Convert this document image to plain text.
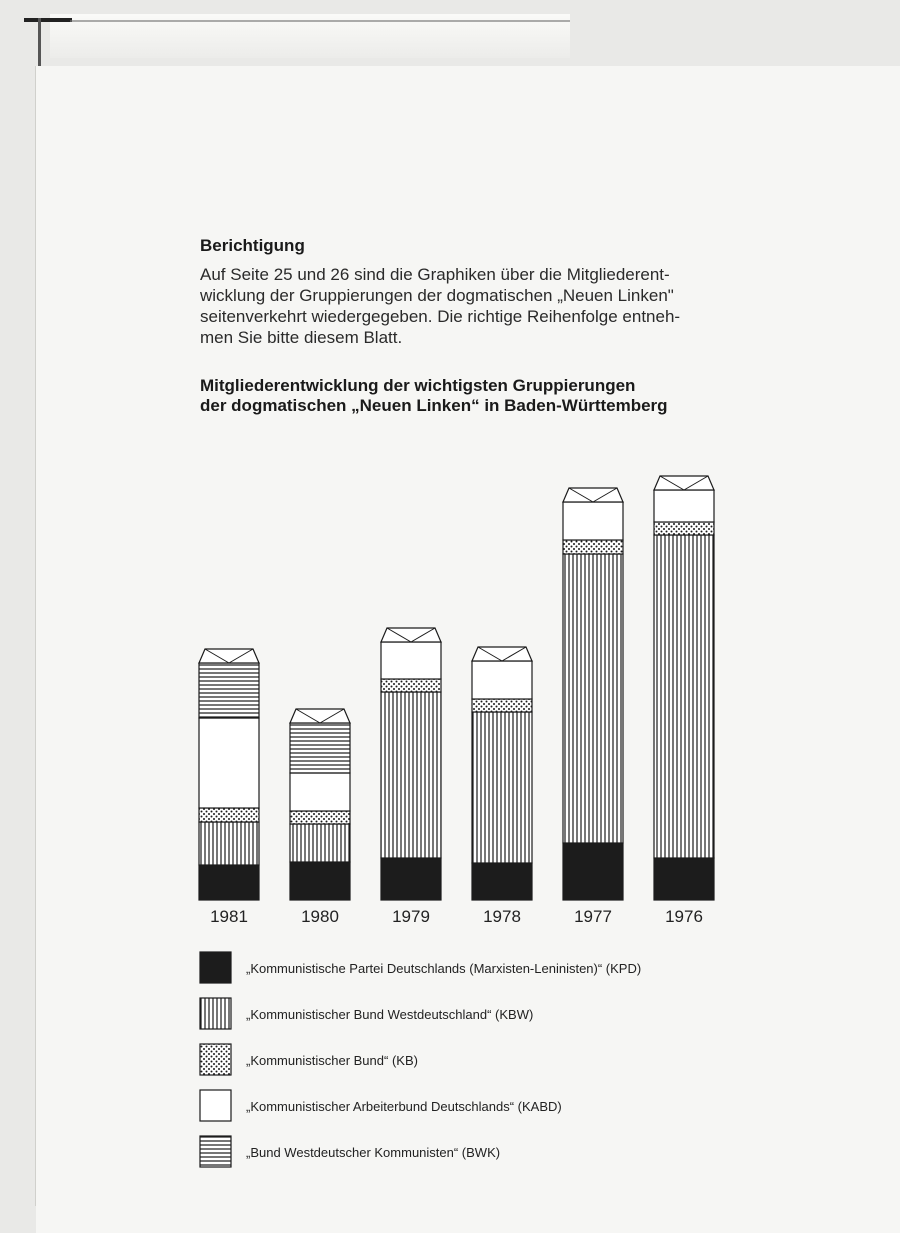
Berichtigung

Auf Seite 25 und 26 sind die Graphiken über die Mitgliederent-
wicklung der Gruppierungen der dogmatischen „Neuen Linken"
seitenverkehrt wiedergegeben. Die richtige Reihenfolge entneh-
men Sie bitte diesem Blatt.

Mitgliederentwicklung der wichtigsten Gruppierungen
der dogmatischen „Neuen Linken“ in Baden-Württemberg
1981	1980	1979	1978	1977	1976
„Kommunistische Partei Deutschlands (Marxisten-Leninisten)“ (KPD)
„Kommunistischer Bund Westdeutschland“ (KBW)
„Kommunistischer Bund“ (KB)
„Kommunistischer Arbeiterbund Deutschlands“ (KABD)
„Bund Westdeutscher Kommunisten“ (BWK)
